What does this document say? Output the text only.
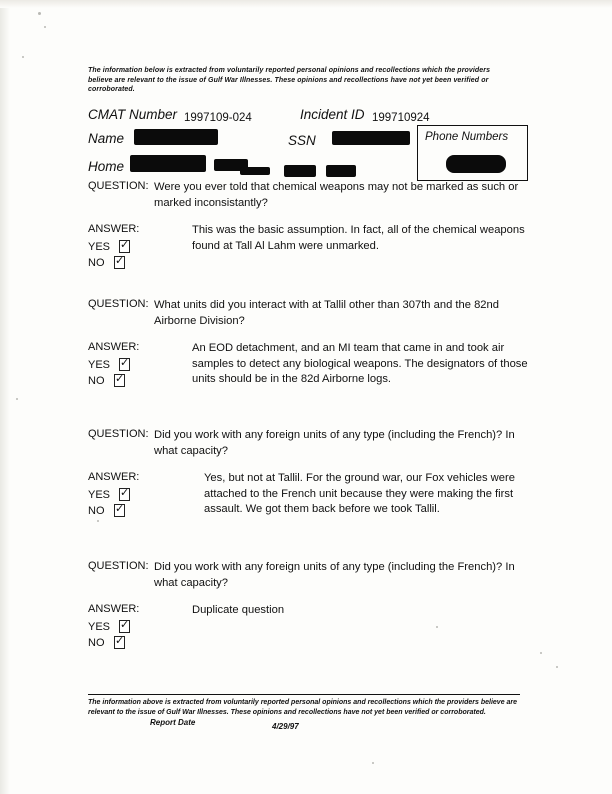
The information below is extracted from voluntarily reported personal opinions and recollections which the providers believe are relevant to the issue of Gulf War Illnesses. These opinions and recollections have not yet been verified or corroborated.
CMAT Number 1997109-024	Incident ID 199710924
Name	SSN
Home
Phone Numbers
QUESTION: Were you ever told that chemical weapons may not be marked as such or marked inconsistantly?
ANSWER:
YES ✓
NO ✓
This was the basic assumption. In fact, all of the chemical weapons found at Tall Al Lahm were unmarked.
QUESTION: What units did you interact with at Tallil other than 307th and the 82nd Airborne Division?
ANSWER:
YES ✓
NO ✓
An EOD detachment, and an MI team that came in and took air samples to detect any biological weapons. The designators of those units should be in the 82d Airborne logs.
QUESTION: Did you work with any foreign units of any type (including the French)? In what capacity?
ANSWER:
YES ✓
NO ✓
Yes, but not at Tallil. For the ground war, our Fox vehicles were attached to the French unit because they were making the first assault. We got them back before we took Tallil.
QUESTION: Did you work with any foreign units of any type (including the French)? In what capacity?
ANSWER:
YES ✓
NO ✓
Duplicate question
The information above is extracted from voluntarily reported personal opinions and recollections which the providers believe are relevant to the issue of Gulf War Illnesses. These opinions and recollections have not yet been verified or corroborated.
Report Date	4/29/97
